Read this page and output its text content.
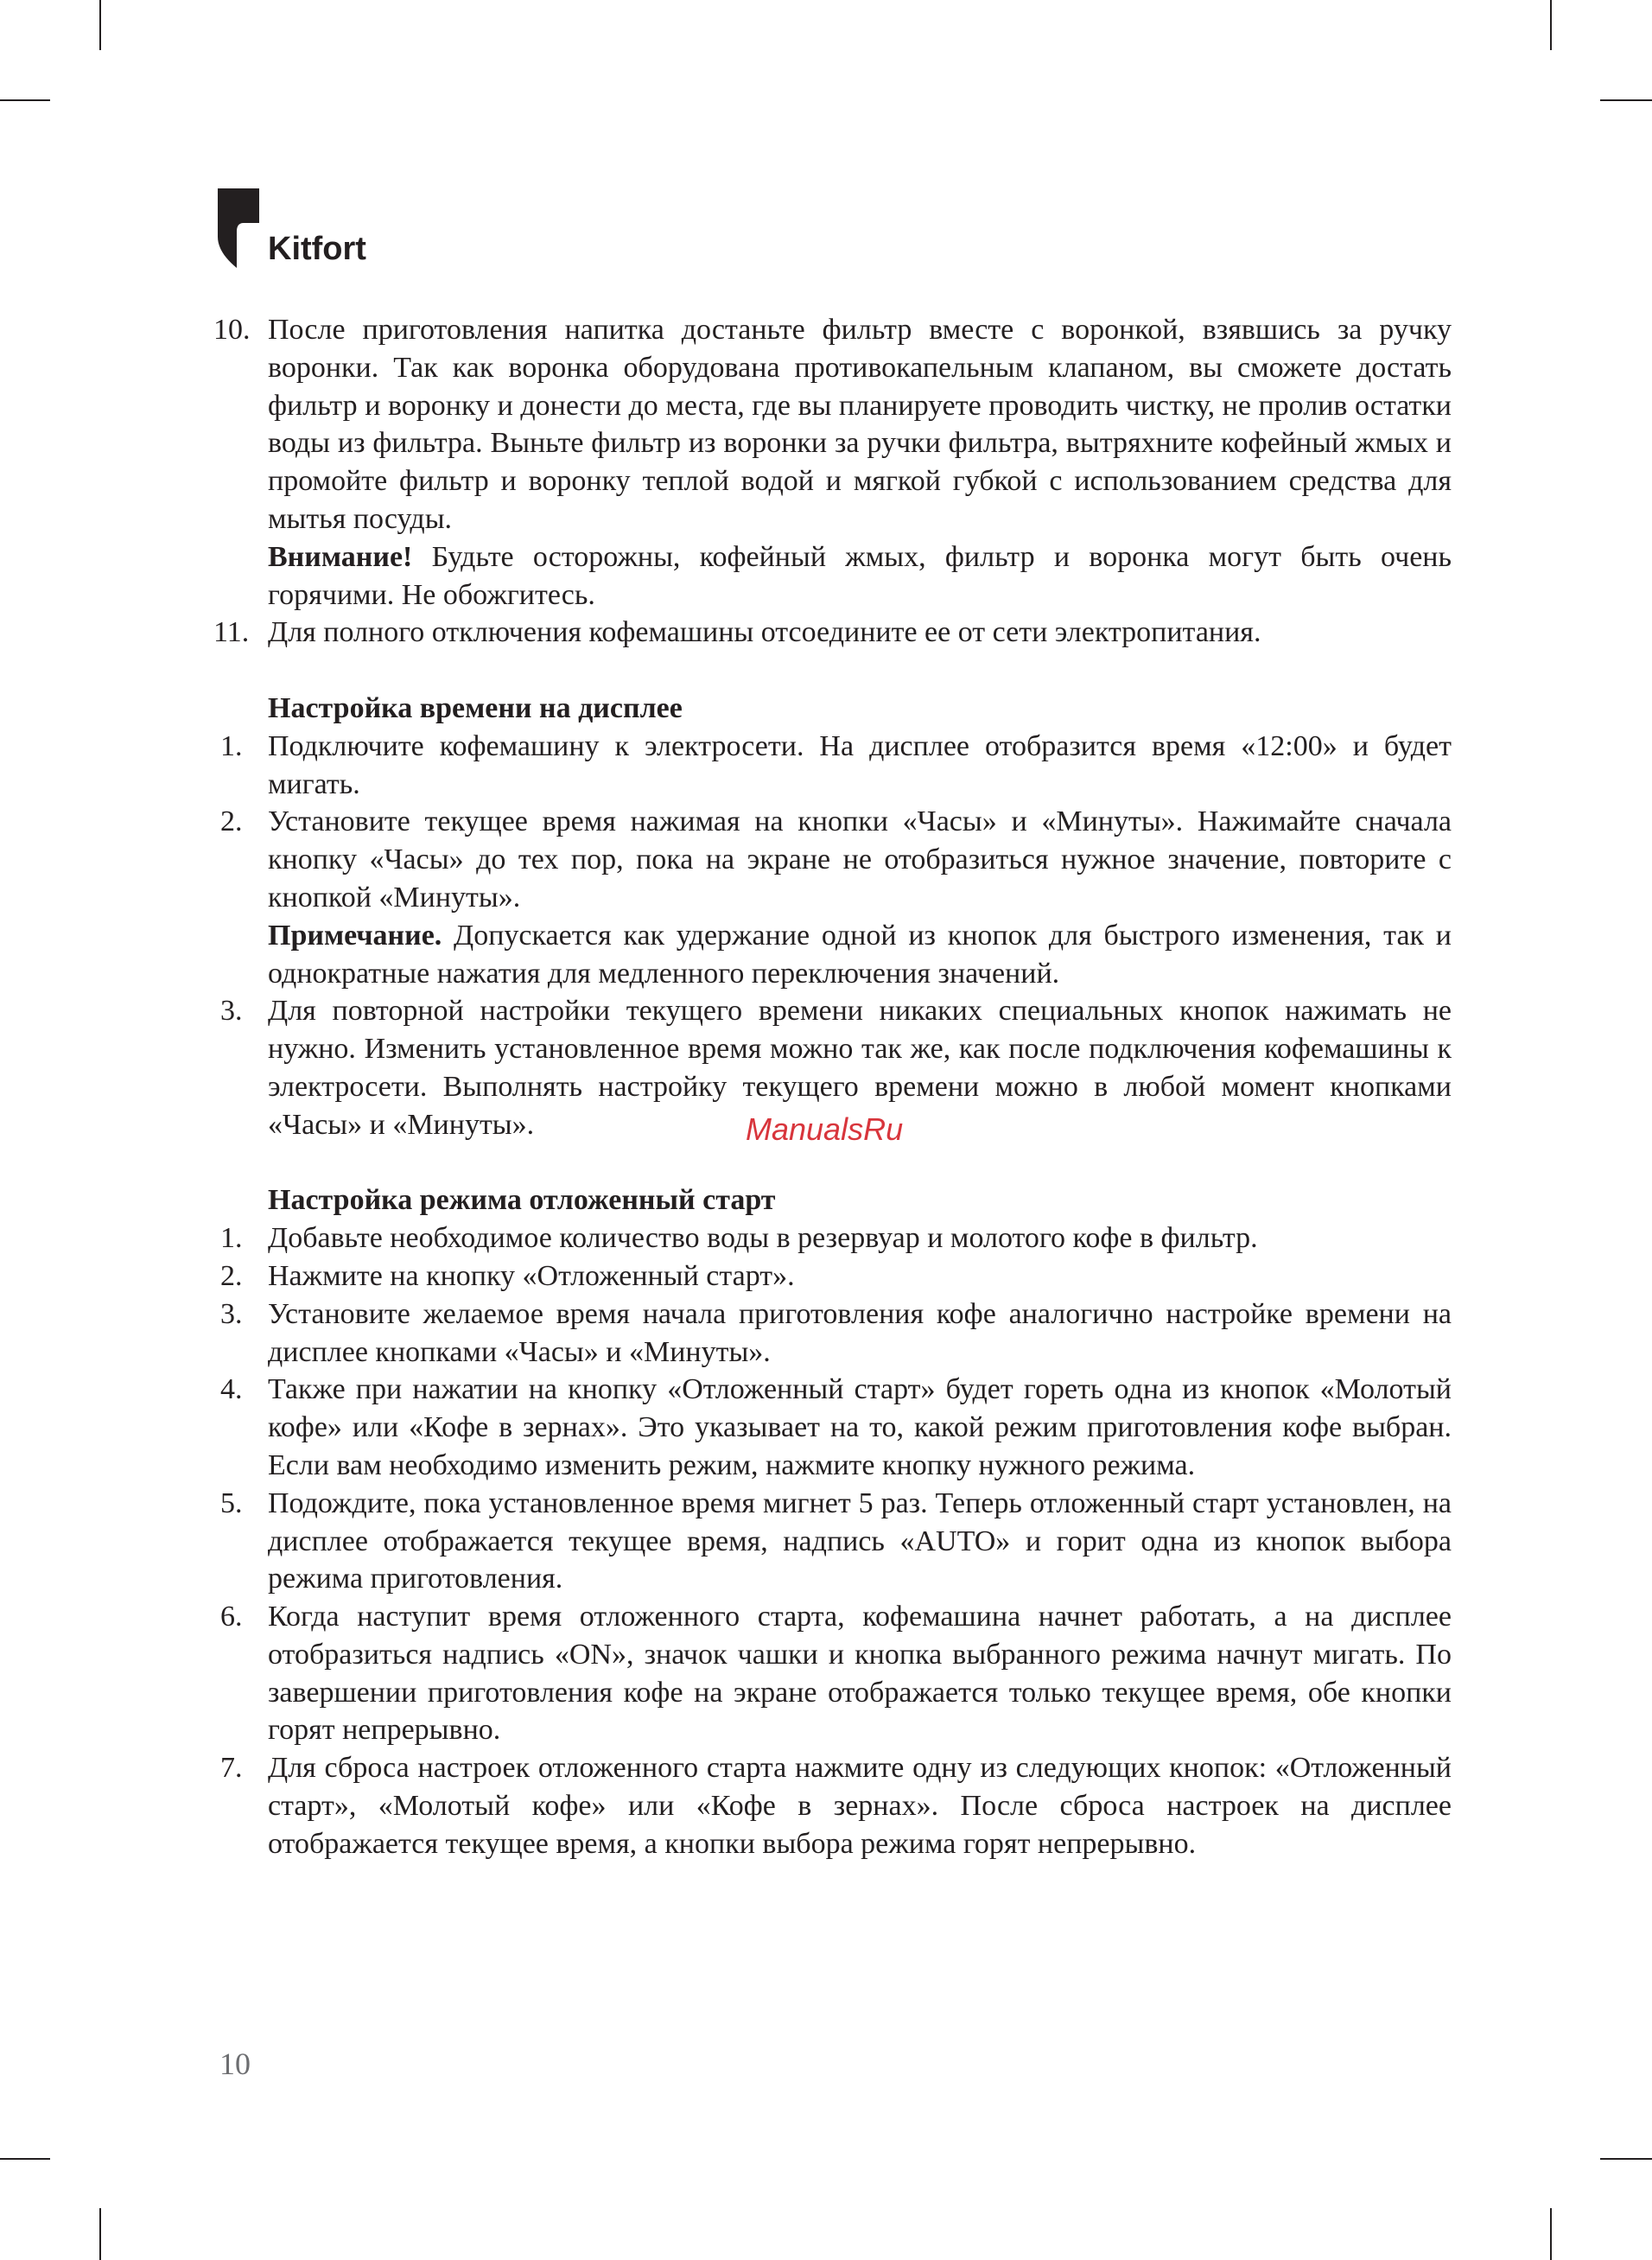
Kitfort
10. После приготовления напитка достаньте фильтр вместе с воронкой, взявшись за ручку воронки. Так как воронка оборудована противокапельным клапаном, вы сможете достать фильтр и воронку и донести до места, где вы планируете проводить чистку, не пролив остатки воды из фильтра. Выньте фильтр из воронки за ручки фильтра, вытряхните кофейный жмых и промойте фильтр и воронку теплой водой и мягкой губкой с использованием средства для мытья посуды.
Внимание! Будьте осторожны, кофейный жмых, фильтр и воронка могут быть очень горячими. Не обожгитесь.
11. Для полного отключения кофемашины отсоедините ее от сети электропитания.
Настройка времени на дисплее
1. Подключите кофемашину к электросети. На дисплее отобразится время «12:00» и будет мигать.
2. Установите текущее время нажимая на кнопки «Часы» и «Минуты». Нажимайте сначала кнопку «Часы» до тех пор, пока на экране не отобразиться нужное значение, повторите с кнопкой «Минуты».
Примечание. Допускается как удержание одной из кнопок для быстрого изменения, так и однократные нажатия для медленного переключения значений.
3. Для повторной настройки текущего времени никаких специальных кнопок нажимать не нужно. Изменить установленное время можно так же, как после подключения кофемашины к электросети. Выполнять настройку текущего времени можно в любой момент кнопками «Часы» и «Минуты».
Настройка режима отложенный старт
1. Добавьте необходимое количество воды в резервуар и молотого кофе в фильтр.
2. Нажмите на кнопку «Отложенный старт».
3. Установите желаемое время начала приготовления кофе аналогично настройке времени на дисплее кнопками «Часы» и «Минуты».
4. Также при нажатии на кнопку «Отложенный старт» будет гореть одна из кнопок «Молотый кофе» или «Кофе в зернах». Это указывает на то, какой режим приготовления кофе выбран. Если вам необходимо изменить режим, нажмите кнопку нужного режима.
5. Подождите, пока установленное время мигнет 5 раз. Теперь отложенный старт установлен, на дисплее отображается текущее время, надпись «AUTO» и горит одна из кнопок выбора режима приготовления.
6. Когда наступит время отложенного старта, кофемашина начнет работать, а на дисплее отобразиться надпись «ON», значок чашки и кнопка выбранного режима начнут мигать. По завершении приготовления кофе на экране отображается только текущее время, обе кнопки горят непрерывно.
7. Для сброса настроек отложенного старта нажмите одну из следующих кнопок: «Отложенный старт», «Молотый кофе» или «Кофе в зернах». После сброса настроек на дисплее отображается текущее время, а кнопки выбора режима горят непрерывно.
ManualsRu
10
